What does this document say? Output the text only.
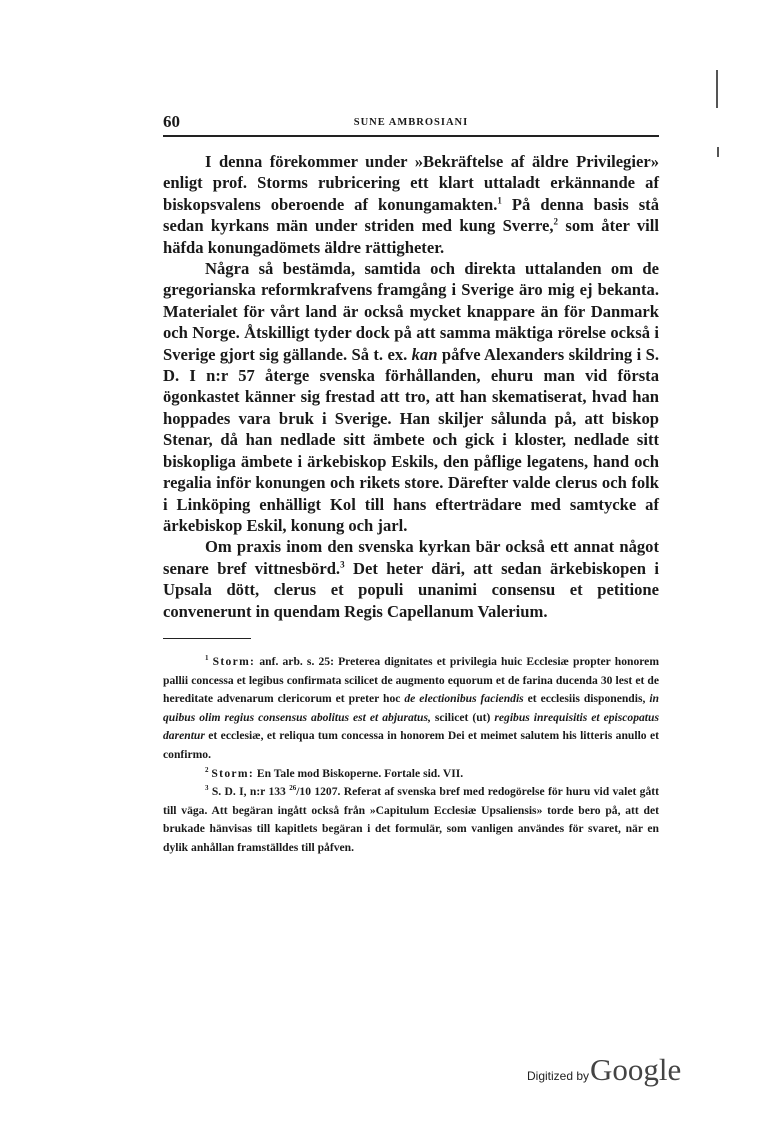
60	SUNE AMBROSIANI

I denna förekommer under »Bekräftelse af äldre Privilegier» enligt prof. Storms rubricering ett klart uttaladt erkännande af biskopsvalens oberoende af konungamakten.$^1$ På denna basis stå sedan kyrkans män under striden med kung Sverre,$^2$ som åter vill häfda konungadömets äldre rättigheter.

Några så bestämda, samtida och direkta uttalanden om de gregorianska reformkrafvens framgång i Sverige äro mig ej bekanta. Materialet för vårt land är också mycket knappare än för Danmark och Norge. Åtskilligt tyder dock på att samma mäktiga rörelse också i Sverige gjort sig gällande. Så t. ex. kan påfve Alexanders skildring i S. D. I n:r 57 återge svenska förhållanden, ehuru man vid första ögonkastet känner sig frestad att tro, att han skematiserat, hvad han hoppades vara bruk i Sverige. Han skiljer sålunda på, att biskop Stenar, då han nedlade sitt ämbete och gick i kloster, nedlade sitt biskopliga ämbete i ärkebiskop Eskils, den påflige legatens, hand och regalia inför konungen och rikets store. Därefter valde clerus och folk i Linköping enhälligt Kol till hans efterträdare med samtycke af ärkebiskop Eskil, konung och jarl.

Om praxis inom den svenska kyrkan bär också ett annat något senare bref vittnesbörd.$^3$ Det heter däri, att sedan ärkebiskopen i Upsala dött, clerus et populi unanimi consensu et petitione convenerunt in quendam Regis Capellanum Valerium.

$^1$ Storm: anf. arb. s. 25: Preterea dignitates et privilegia huic Ecclesiæ propter honorem pallii concessa et legibus confirmata scilicet de augmento equorum et de farina ducenda 30 lest et de hereditate advenarum clericorum et preter hoc de electionibus faciendis et ecclesiis disponendis, in quibus olim regius consensus abolitus est et abjuratus, scilicet (ut) regibus inrequisitis et episcopatus darentur et ecclesiæ, et reliqua tum concessa in honorem Dei et meimet salutem his litteris anullo et confirmo.

$^2$ Storm: En Tale mod Biskoperne. Fortale sid. VII.

$^3$ S. D. I, n:r 133 $^{26}$/10 1207. Referat af svenska bref med redogörelse för huru vid valet gått till väga. Att begäran ingått också från »Capitulum Ecclesiæ Upsaliensis» torde bero på, att det brukade hänvisas till kapitlets begäran i det formulär, som vanligen användes för svaret, när en dylik anhållan framställdes till påfven.

Digitized by Google
